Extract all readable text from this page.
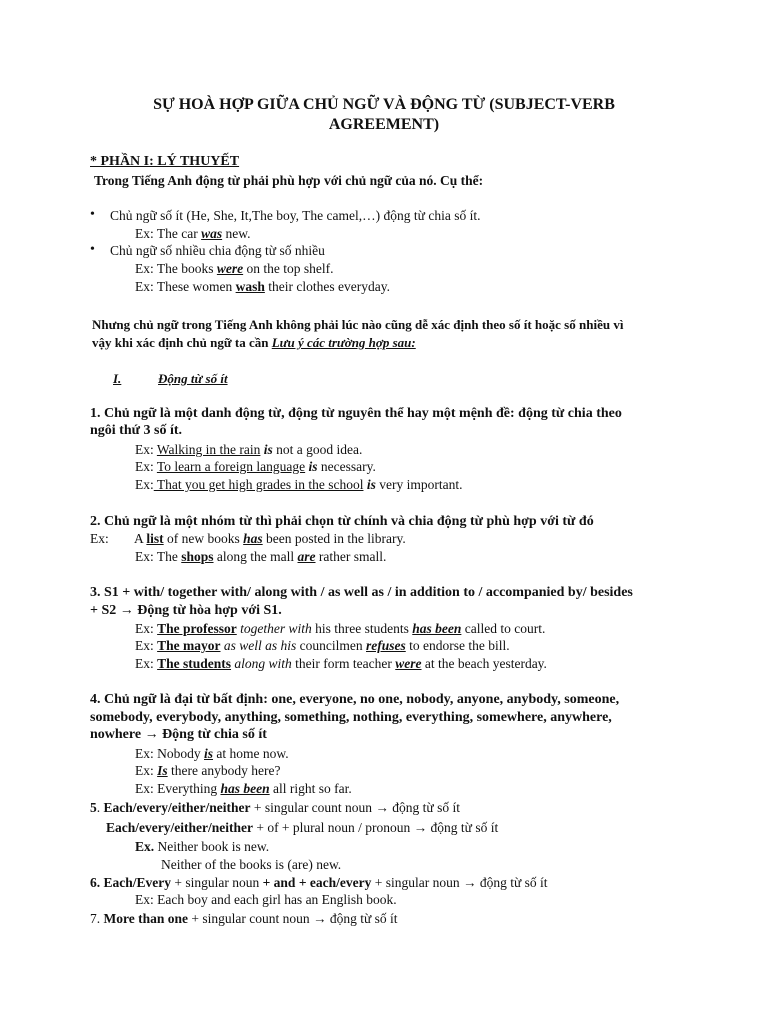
SỰ HOÀ HỢP GIỮA CHỦ NGỮ VÀ ĐỘNG TỪ (SUBJECT-VERB
AGREEMENT)
* PHẦN I: LÝ THUYẾT
Trong Tiếng Anh động từ phải phù hợp với chủ ngữ của nó. Cụ thể:
• Chủ ngữ số ít (He, She, It,The boy, The camel,…) động từ chia số ít.
Ex: The car was new.
• Chủ ngữ số nhiều chia động từ số nhiều
Ex: The books were on the top shelf.
Ex: These women wash their clothes everyday.
Nhưng chủ ngữ trong Tiếng Anh không phải lúc nào cũng dễ xác định theo số ít hoặc số nhiều vì
vậy khi xác định chủ ngữ ta cần Lưu ý các trường hợp sau:
I.	Động từ số ít
1. Chủ ngữ là một danh động từ, động từ nguyên thể hay một mệnh đề: động từ chia theo
ngôi thứ 3 số ít.
Ex: Walking in the rain is not a good idea.
Ex: To learn a foreign language is necessary.
Ex: That you get high grades in the school is very important.
2. Chủ ngữ là một nhóm từ thì phải chọn từ chính và chia động từ phù hợp với từ đó
Ex: A list of new books has been posted in the library.
Ex: The shops along the mall are rather small.
3. S1 + with/ together with/ along with / as well as / in addition to / accompanied by/ besides
+ S2 → Động từ hòa hợp với S1.
Ex: The professor together with his three students has been called to court.
Ex: The mayor as well as his councilmen refuses to endorse the bill.
Ex: The students along with their form teacher were at the beach yesterday.
4. Chủ ngữ là đại từ bất định: one, everyone, no one, nobody, anyone, anybody, someone,
somebody, everybody, anything, something, nothing, everything, somewhere, anywhere,
nowhere → Động từ chia số ít
Ex: Nobody is at home now.
Ex: Is there anybody here?
Ex: Everything has been all right so far.
5. Each/every/either/neither + singular count noun → động từ số ít
Each/every/either/neither + of + plural noun / pronoun → động từ số ít
Ex. Neither book is new.
Neither of the books is (are) new.
6. Each/Every + singular noun + and + each/every + singular noun → động từ số ít
Ex: Each boy and each girl has an English book.
7. More than one + singular count noun → động từ số ít
